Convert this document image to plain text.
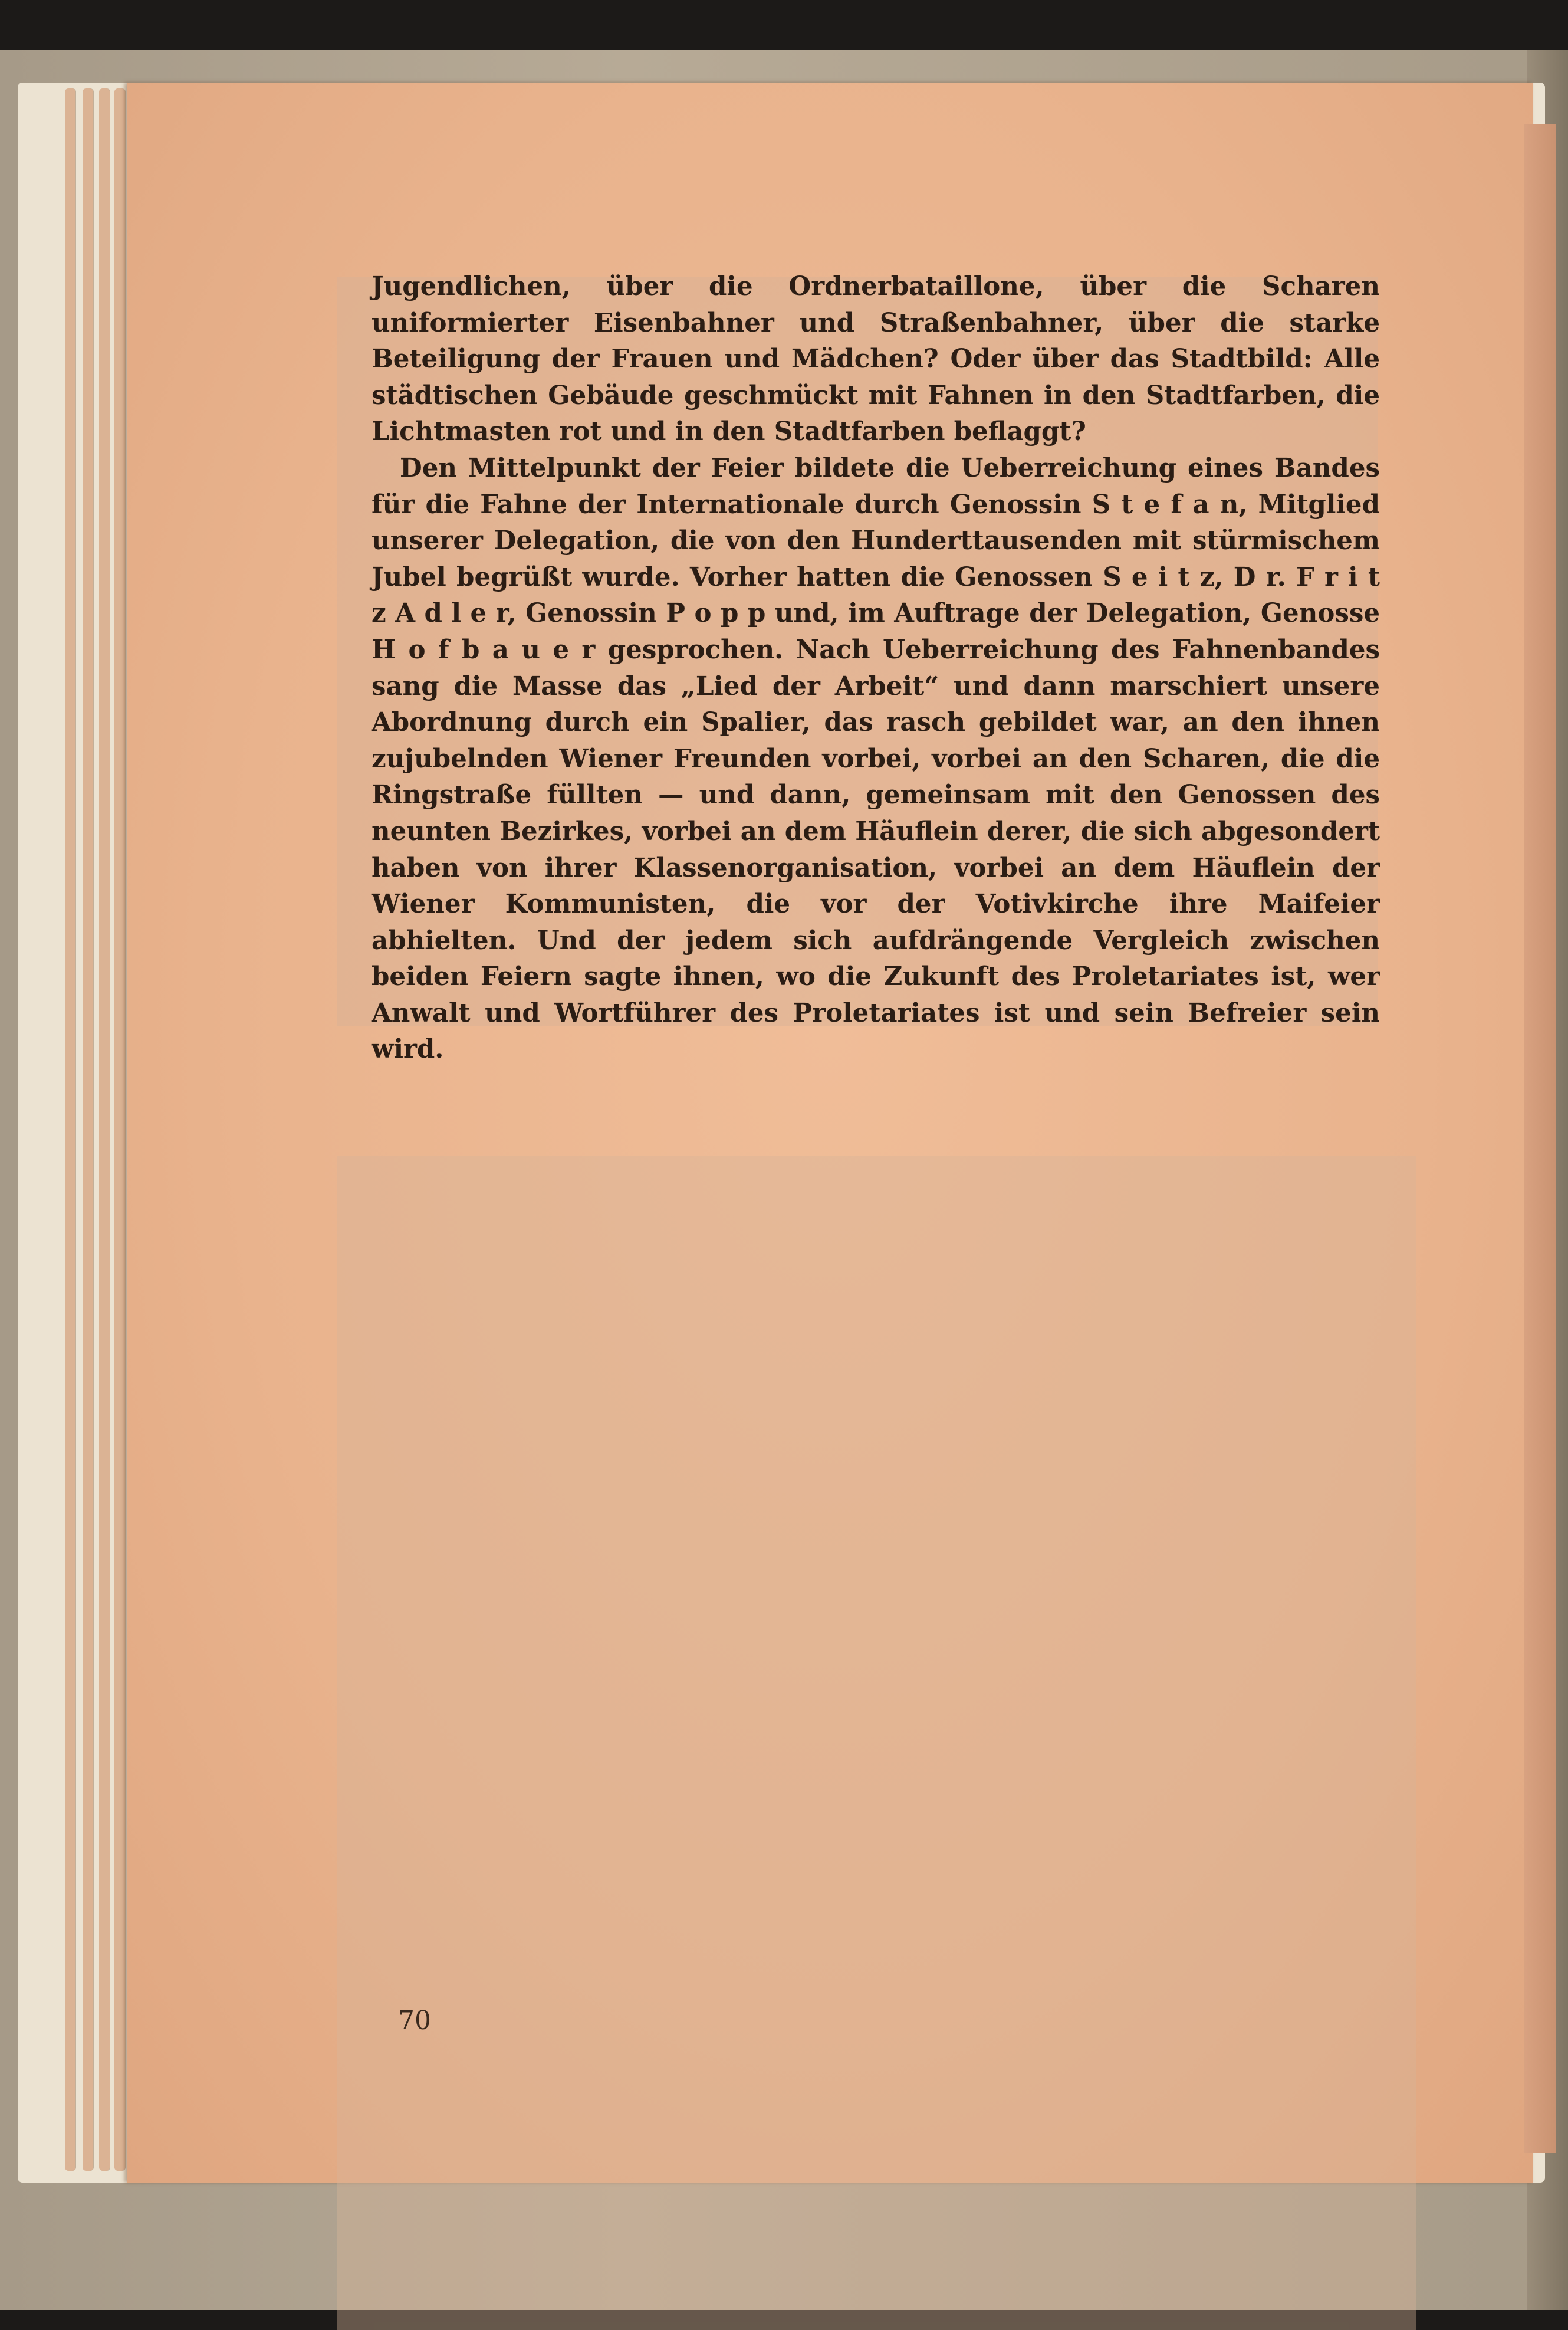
Jugendlichen, über die Ordnerbataillone, über die Scharen uniformierter Eisenbahner und Straßenbahner, über die starke Beteiligung der Frauen und Mädchen? Oder über das Stadtbild: Alle städtischen Gebäude geschmückt mit Fahnen in den Stadtfarben, die Lichtmasten rot und in den Stadtfarben beflaggt?

Den Mittelpunkt der Feier bildete die Ueberreichung eines Bandes für die Fahne der Internationale durch Genossin S t e f a n, Mitglied unserer Delegation, die von den Hunderttausenden mit stürmischem Jubel begrüßt wurde. Vorher hatten die Genossen S e i t z, D r. F r i t z A d l e r, Genossin P o p p und, im Auftrage der Delegation, Genosse H o f b a u e r gesprochen. Nach Ueberreichung des Fahnenbandes sang die Masse das „Lied der Arbeit“ und dann marschiert unsere Abordnung durch ein Spalier, das rasch gebildet war, an den ihnen zujubelnden Wiener Freunden vorbei, vorbei an den Scharen, die die Ringstraße füllten — und dann, gemeinsam mit den Genossen des neunten Bezirkes, vorbei an dem Häuflein derer, die sich abgesondert haben von ihrer Klassenorganisation, vorbei an dem Häuflein der Wiener Kommunisten, die vor der Votivkirche ihre Maifeier abhielten. Und der jedem sich aufdrängende Vergleich zwischen beiden Feiern sagte ihnen, wo die Zukunft des Proletariates ist, wer Anwalt und Wortführer des Proletariates ist und sein Befreier sein wird.

70
